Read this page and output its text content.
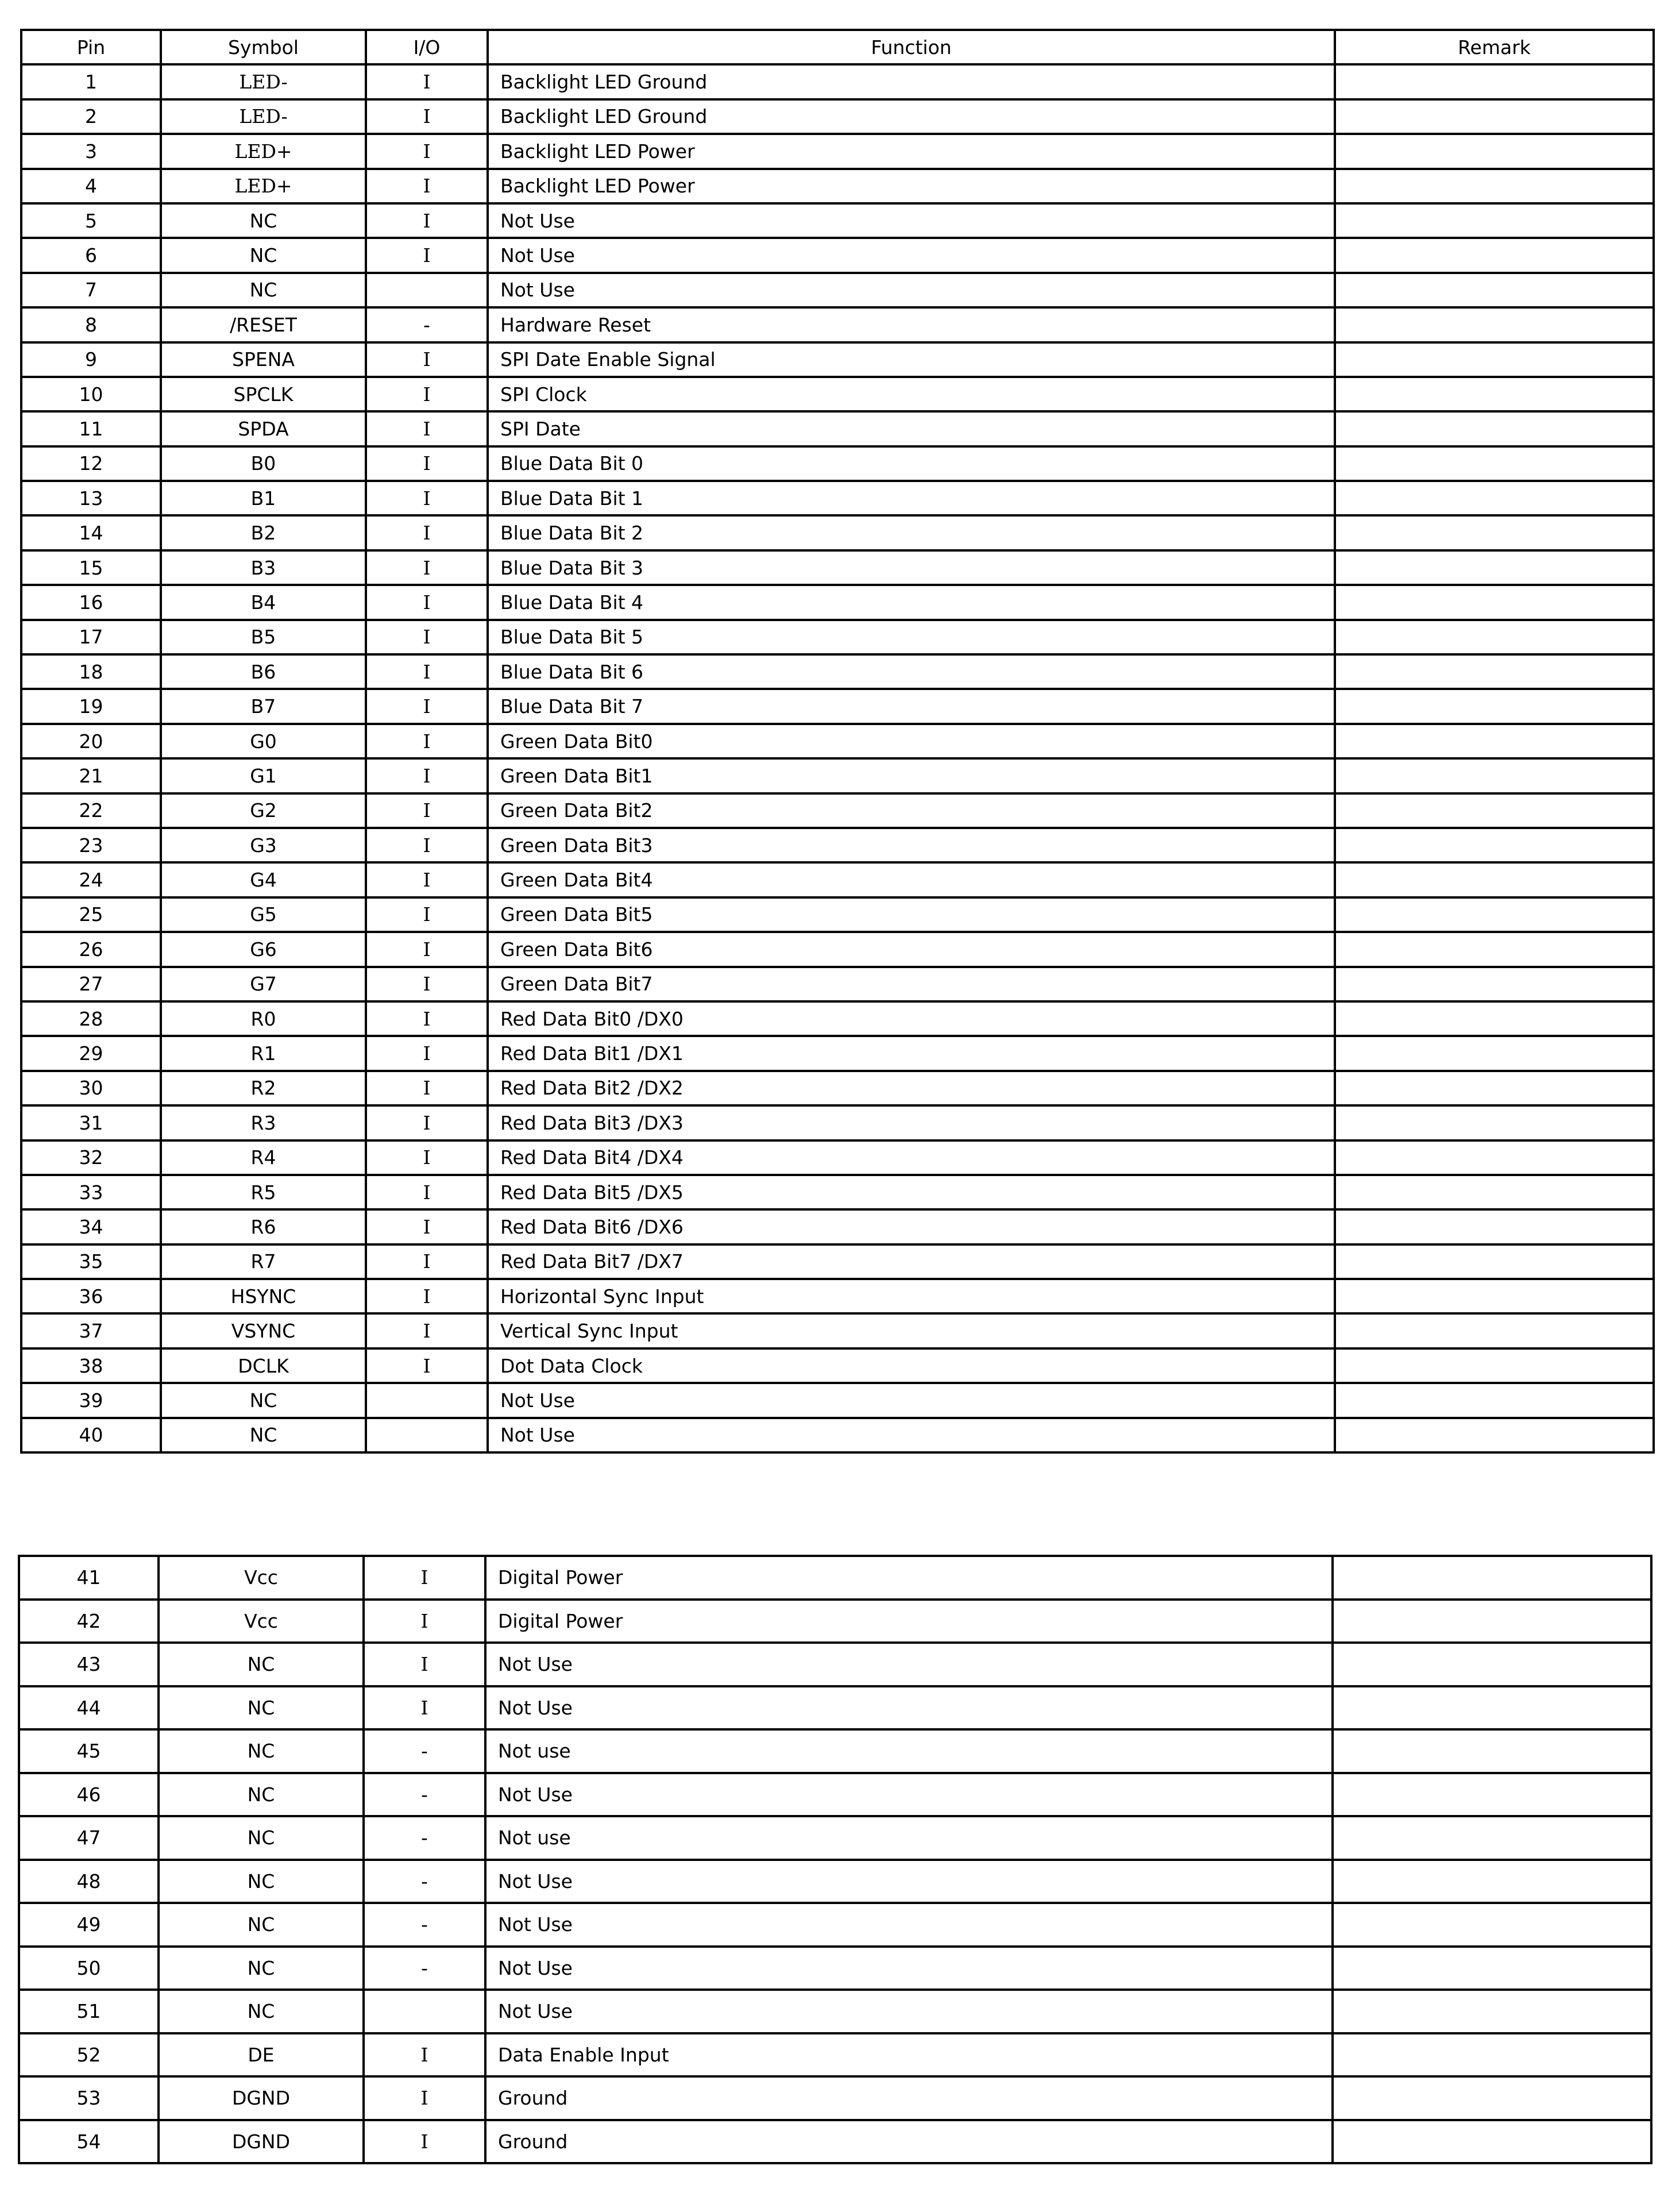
Pin	Symbol	I/O	Function	Remark
1	LED-	I	Backlight LED Ground	
2	LED-	I	Backlight LED Ground	
3	LED+	I	Backlight LED Power	
4	LED+	I	Backlight LED Power	
5	NC	I	Not Use	
6	NC	I	Not Use	
7	NC		Not Use	
8	/RESET	-	Hardware Reset	
9	SPENA	I	SPI Date Enable Signal	
10	SPCLK	I	SPI Clock	
11	SPDA	I	SPI Date	
12	B0	I	Blue Data Bit 0	
13	B1	I	Blue Data Bit 1	
14	B2	I	Blue Data Bit 2	
15	B3	I	Blue Data Bit 3	
16	B4	I	Blue Data Bit 4	
17	B5	I	Blue Data Bit 5	
18	B6	I	Blue Data Bit 6	
19	B7	I	Blue Data Bit 7	
20	G0	I	Green Data Bit0	
21	G1	I	Green Data Bit1	
22	G2	I	Green Data Bit2	
23	G3	I	Green Data Bit3	
24	G4	I	Green Data Bit4	
25	G5	I	Green Data Bit5	
26	G6	I	Green Data Bit6	
27	G7	I	Green Data Bit7	
28	R0	I	Red Data Bit0 /DX0	
29	R1	I	Red Data Bit1 /DX1	
30	R2	I	Red Data Bit2 /DX2	
31	R3	I	Red Data Bit3 /DX3	
32	R4	I	Red Data Bit4 /DX4	
33	R5	I	Red Data Bit5 /DX5	
34	R6	I	Red Data Bit6 /DX6	
35	R7	I	Red Data Bit7 /DX7	
36	HSYNC	I	Horizontal Sync Input	
37	VSYNC	I	Vertical Sync Input	
38	DCLK	I	Dot Data Clock	
39	NC		Not Use	
40	NC		Not Use	
41	Vcc	I	Digital Power	
42	Vcc	I	Digital Power	
43	NC	I	Not Use	
44	NC	I	Not Use	
45	NC	-	Not use	
46	NC	-	Not Use	
47	NC	-	Not use	
48	NC	-	Not Use	
49	NC	-	Not Use	
50	NC	-	Not Use	
51	NC		Not Use	
52	DE	I	Data Enable Input	
53	DGND	I	Ground	
54	DGND	I	Ground	
